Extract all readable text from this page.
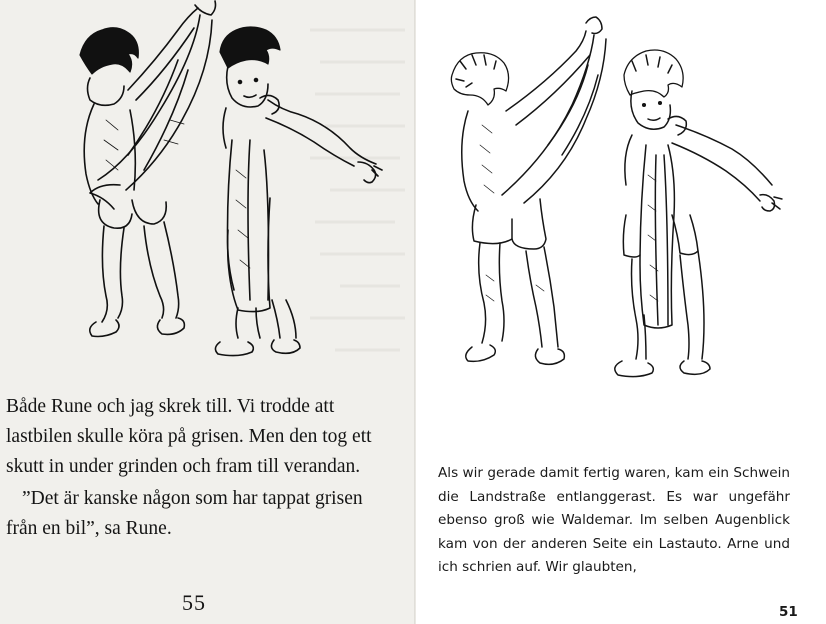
Både Rune och jag skrek till. Vi trodde att lastbilen skulle köra på grisen. Men den tog ett skutt in under grinden och fram till verandan.

”Det är kanske någon som har tappat grisen från en bil”, sa Rune.

55

Als wir gerade damit fertig waren, kam ein Schwein die Landstraße entlanggerast. Es war ungefähr ebenso groß wie Waldemar. Im selben Augenblick kam von der anderen Seite ein Lastauto. Arne und ich schrien auf. Wir glaubten,

51
